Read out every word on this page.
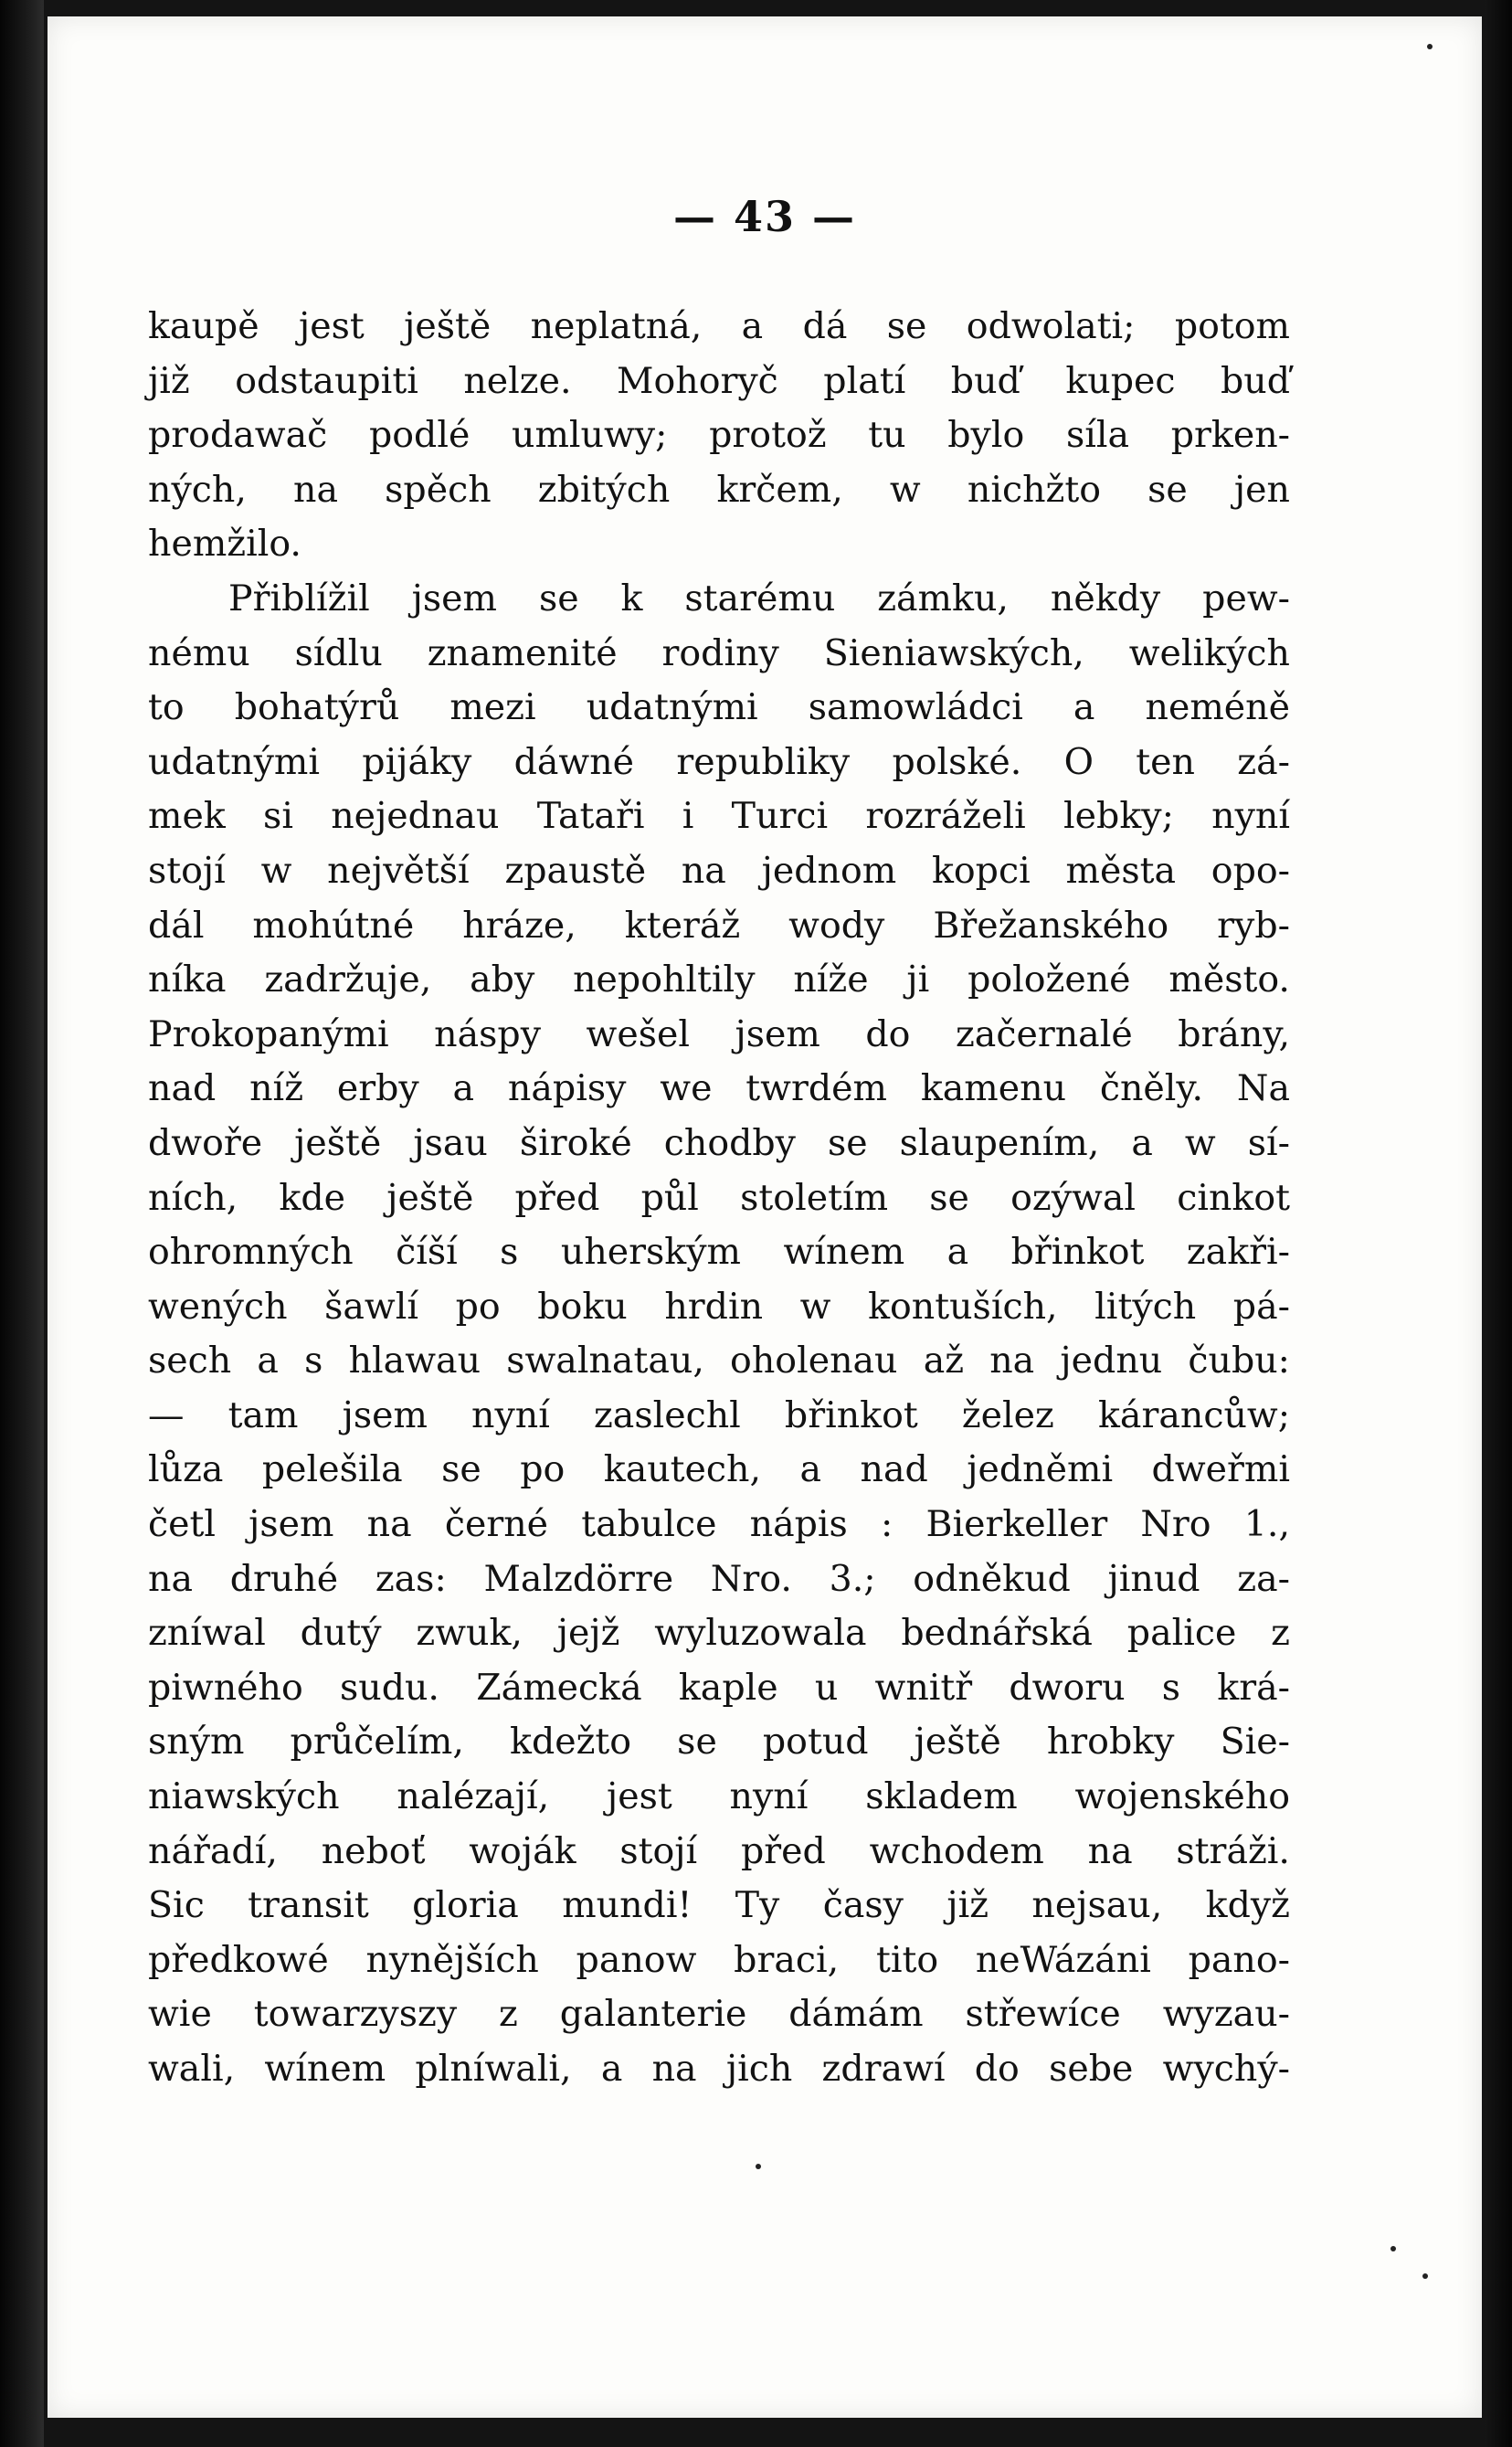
— 43 —
kaupě jest ještě neplatná, a dá se odwolati; potom
již odstaupiti nelze. Mohoryč platí buď kupec buď
prodawač podlé umluwy; protož tu bylo síla prken-
ných, na spěch zbitých krčem, w nichžto se jen
hemžilo.
Přiblížil jsem se k starému zámku, někdy pew-
nému sídlu znamenité rodiny Sieniawských, welikých
to bohatýrů mezi udatnými samowládci a neméně
udatnými pijáky dáwné republiky polské. O ten zá-
mek si nejednau Tataři i Turci rozráželi lebky; nyní
stojí w největší zpaustě na jednom kopci města opo-
dál mohútné hráze, kteráž wody Břežanského ryb-
níka zadržuje, aby nepohltily níže ji položené město.
Prokopanými náspy wešel jsem do začernalé brány,
nad níž erby a nápisy we twrdém kamenu čněly. Na
dwoře ještě jsau široké chodby se slaupením, a w sí-
ních, kde ještě před půl stoletím se ozýwal cinkot
ohromných číší s uherským wínem a břinkot zakři-
wených šawlí po boku hrdin w kontuších, litých pá-
sech a s hlawau swalnatau, oholenau až na jednu čubu:
— tam jsem nyní zaslechl břinkot želez kárancůw;
lůza pelešila se po kautech, a nad jedněmi dweřmi
četl jsem na černé tabulce nápis : Bierkeller Nro 1.,
na druhé zas: Malzdörre Nro. 3.; odněkud jinud za-
zníwal dutý zwuk, jejž wyluzowala bednářská palice z
piwného sudu. Zámecká kaple u wnitř dworu s krá-
sným průčelím, kdežto se potud ještě hrobky Sie-
niawských nalézají, jest nyní skladem wojenského
nářadí, neboť woják stojí před wchodem na stráži.
Sic transit gloria mundi! Ty časy již nejsau, když
předkowé nynějších panow braci, tito neWázáni pano-
wie towarzyszy z galanterie dámám střewíce wyzau-
wali, wínem plníwali, a na jich zdrawí do sebe wychý-
